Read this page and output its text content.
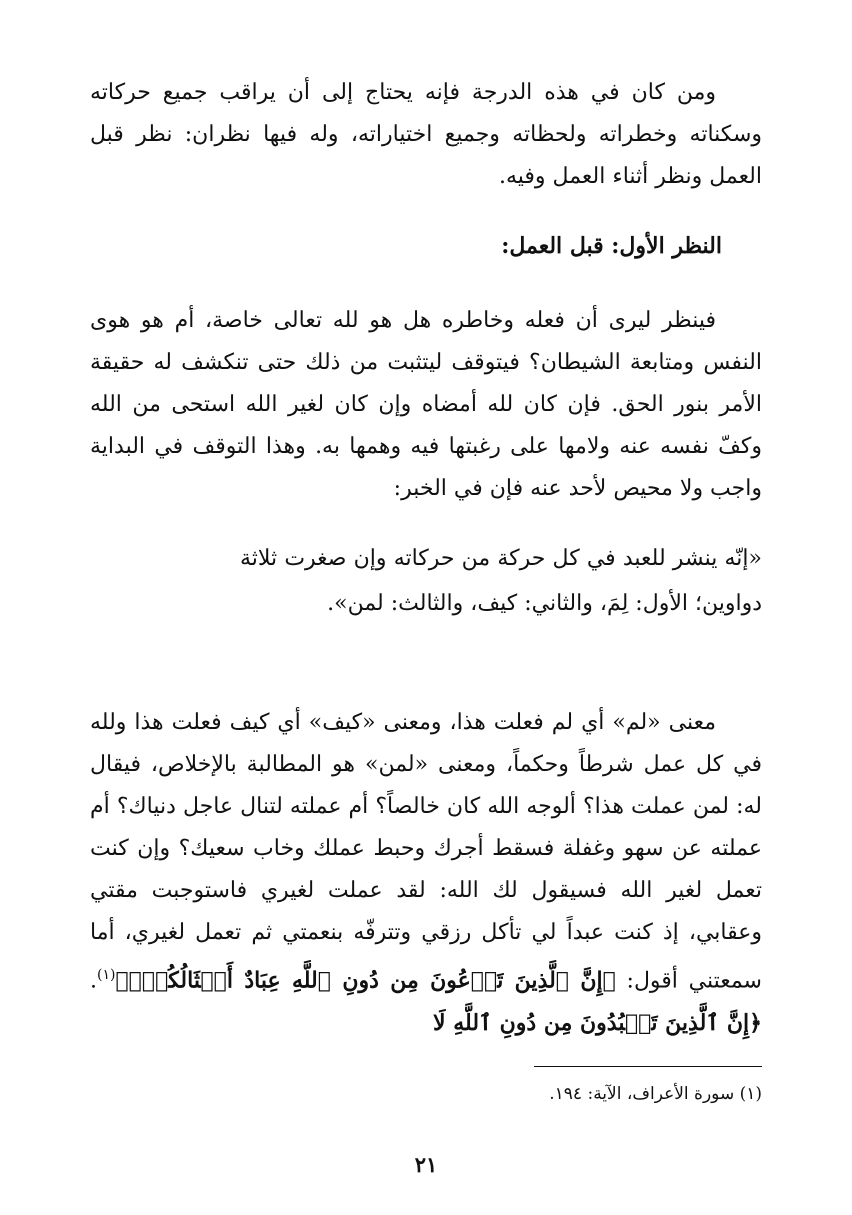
ومن كان في هذه الدرجة فإنه يحتاج إلى أن يراقب جميع حركاته وسكناته وخطراته ولحظاته وجميع اختياراته، وله فيها نظران: نظر قبل العمل ونظر أثناء العمل وفيه.

النظر الأول: قبل العمل:

فينظر ليرى أن فعله وخاطره هل هو لله تعالى خاصة، أم هو هوى النفس ومتابعة الشيطان؟ فيتوقف ليتثبت من ذلك حتى تنكشف له حقيقة الأمر بنور الحق. فإن كان لله أمضاه وإن كان لغير الله استحى من الله وكفّ نفسه عنه ولامها على رغبتها فيه وهمها به. وهذا التوقف في البداية واجب ولا محيص لأحد عنه فإن في الخبر:

«إنّه ينشر للعبد في كل حركة من حركاته وإن صغرت ثلاثة دواوين؛ الأول: لِمَ، والثاني: كيف، والثالث: لمن».

معنى «لم» أي لم فعلت هذا، ومعنى «كيف» أي كيف فعلت هذا ولله في كل عمل شرطاً وحكماً، ومعنى «لمن» هو المطالبة بالإخلاص، فيقال له: لمن عملت هذا؟ ألوجه الله كان خالصاً؟ أم عملته لتنال عاجل دنياك؟ أم عملته عن سهو وغفلة فسقط أجرك وحبط عملك وخاب سعيك؟ وإن كنت تعمل لغير الله فسيقول لك الله: لقد عملت لغيري فاستوجبت مقتي وعقابي، إذ كنت عبداً لي تأكل رزقي وتترفّه بنعمتي ثم تعمل لغيري، أما سمعتني أقول: ﴿إِنَّ ٱلَّذِينَ تَدۡعُونَ مِن دُونِ ٱللَّهِ عِبَادٌ أَمۡثَالُكُمۡۖ﴾$^{(١)}$. ﴿إِنَّ ٱلَّذِينَ تَعۡبُدُونَ مِن دُونِ ٱللَّهِ لَا

(١) سورة الأعراف، الآية: ١٩٤.
٢١
